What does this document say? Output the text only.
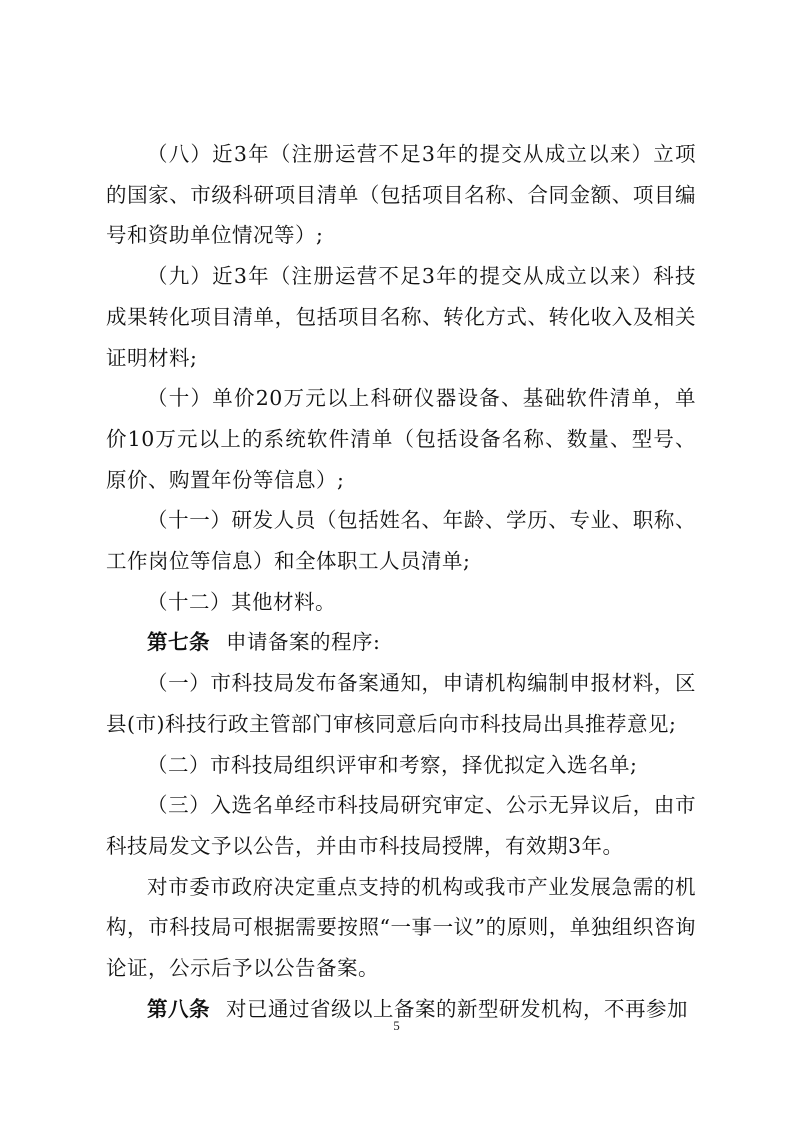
（八）近3年（注册运营不足3年的提交从成立以来）立项的国家、市级科研项目清单（包括项目名称、合同金额、项目编号和资助单位情况等）;

（九）近3年（注册运营不足3年的提交从成立以来）科技成果转化项目清单，包括项目名称、转化方式、转化收入及相关证明材料;

（十）单价20万元以上科研仪器设备、基础软件清单，单价10万元以上的系统软件清单（包括设备名称、数量、型号、原价、购置年份等信息）;

（十一）研发人员（包括姓名、年龄、学历、专业、职称、工作岗位等信息）和全体职工人员清单;

（十二）其他材料。

第七条 申请备案的程序:

（一）市科技局发布备案通知，申请机构编制申报材料，区县(市)科技行政主管部门审核同意后向市科技局出具推荐意见;

（二）市科技局组织评审和考察，择优拟定入选名单;

（三）入选名单经市科技局研究审定、公示无异议后，由市科技局发文予以公告，并由市科技局授牌，有效期3年。

对市委市政府决定重点支持的机构或我市产业发展急需的机构，市科技局可根据需要按照“一事一议”的原则，单独组织咨询论证，公示后予以公告备案。

第八条 对已通过省级以上备案的新型研发机构，不再参加

5
